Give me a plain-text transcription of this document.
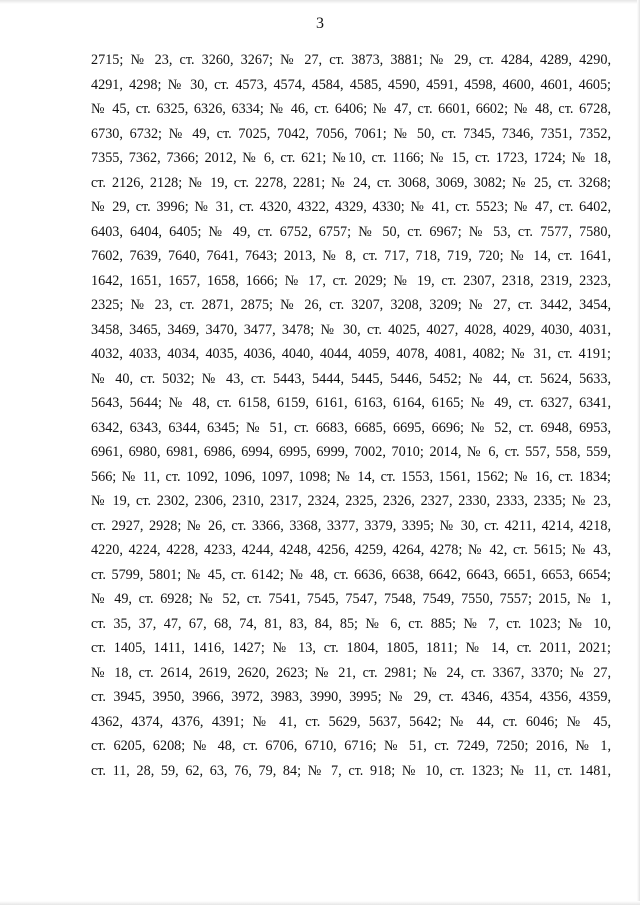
3
2715; № 23, ст. 3260, 3267; № 27, ст. 3873, 3881; № 29, ст. 4284, 4289, 4290,
4291, 4298; № 30, ст. 4573, 4574, 4584, 4585, 4590, 4591, 4598, 4600, 4601, 4605;
№ 45, ст. 6325, 6326, 6334; № 46, ст. 6406; № 47, ст. 6601, 6602; № 48, ст. 6728,
6730, 6732; № 49, ст. 7025, 7042, 7056, 7061; № 50, ст. 7345, 7346, 7351, 7352,
7355, 7362, 7366; 2012, № 6, ст. 621; №10, ст. 1166; № 15, ст. 1723, 1724; № 18,
ст. 2126, 2128; № 19, ст. 2278, 2281; № 24, ст. 3068, 3069, 3082; № 25, ст. 3268;
№ 29, ст. 3996; № 31, ст. 4320, 4322, 4329, 4330; № 41, ст. 5523; № 47, ст. 6402,
6403, 6404, 6405; № 49, ст. 6752, 6757; № 50, ст. 6967; № 53, ст. 7577, 7580,
7602, 7639, 7640, 7641, 7643; 2013, № 8, ст. 717, 718, 719, 720; № 14, ст. 1641,
1642, 1651, 1657, 1658, 1666; № 17, ст. 2029; № 19, ст. 2307, 2318, 2319, 2323,
2325; № 23, ст. 2871, 2875; № 26, ст. 3207, 3208, 3209; № 27, ст. 3442, 3454,
3458, 3465, 3469, 3470, 3477, 3478; № 30, ст. 4025, 4027, 4028, 4029, 4030, 4031,
4032, 4033, 4034, 4035, 4036, 4040, 4044, 4059, 4078, 4081, 4082; № 31, ст. 4191;
№ 40, ст. 5032; № 43, ст. 5443, 5444, 5445, 5446, 5452; № 44, ст. 5624, 5633,
5643, 5644; № 48, ст. 6158, 6159, 6161, 6163, 6164, 6165; № 49, ст. 6327, 6341,
6342, 6343, 6344, 6345; № 51, ст. 6683, 6685, 6695, 6696; № 52, ст. 6948, 6953,
6961, 6980, 6981, 6986, 6994, 6995, 6999, 7002, 7010; 2014, № 6, ст. 557, 558, 559,
566; № 11, ст. 1092, 1096, 1097, 1098; № 14, ст. 1553, 1561, 1562; № 16, ст. 1834;
№ 19, ст. 2302, 2306, 2310, 2317, 2324, 2325, 2326, 2327, 2330, 2333, 2335; № 23,
ст. 2927, 2928; № 26, ст. 3366, 3368, 3377, 3379, 3395; № 30, ст. 4211, 4214, 4218,
4220, 4224, 4228, 4233, 4244, 4248, 4256, 4259, 4264, 4278; № 42, ст. 5615; № 43,
ст. 5799, 5801; № 45, ст. 6142; № 48, ст. 6636, 6638, 6642, 6643, 6651, 6653, 6654;
№ 49, ст. 6928; № 52, ст. 7541, 7545, 7547, 7548, 7549, 7550, 7557; 2015, № 1,
ст. 35, 37, 47, 67, 68, 74, 81, 83, 84, 85; № 6, ст. 885; № 7, ст. 1023; № 10,
ст. 1405, 1411, 1416, 1427; № 13, ст. 1804, 1805, 1811; № 14, ст. 2011, 2021;
№ 18, ст. 2614, 2619, 2620, 2623; № 21, ст. 2981; № 24, ст. 3367, 3370; № 27,
ст. 3945, 3950, 3966, 3972, 3983, 3990, 3995; № 29, ст. 4346, 4354, 4356, 4359,
4362, 4374, 4376, 4391; № 41, ст. 5629, 5637, 5642; № 44, ст. 6046; № 45,
ст. 6205, 6208; № 48, ст. 6706, 6710, 6716; № 51, ст. 7249, 7250; 2016, № 1,
ст. 11, 28, 59, 62, 63, 76, 79, 84; № 7, ст. 918; № 10, ст. 1323; № 11, ст. 1481,
